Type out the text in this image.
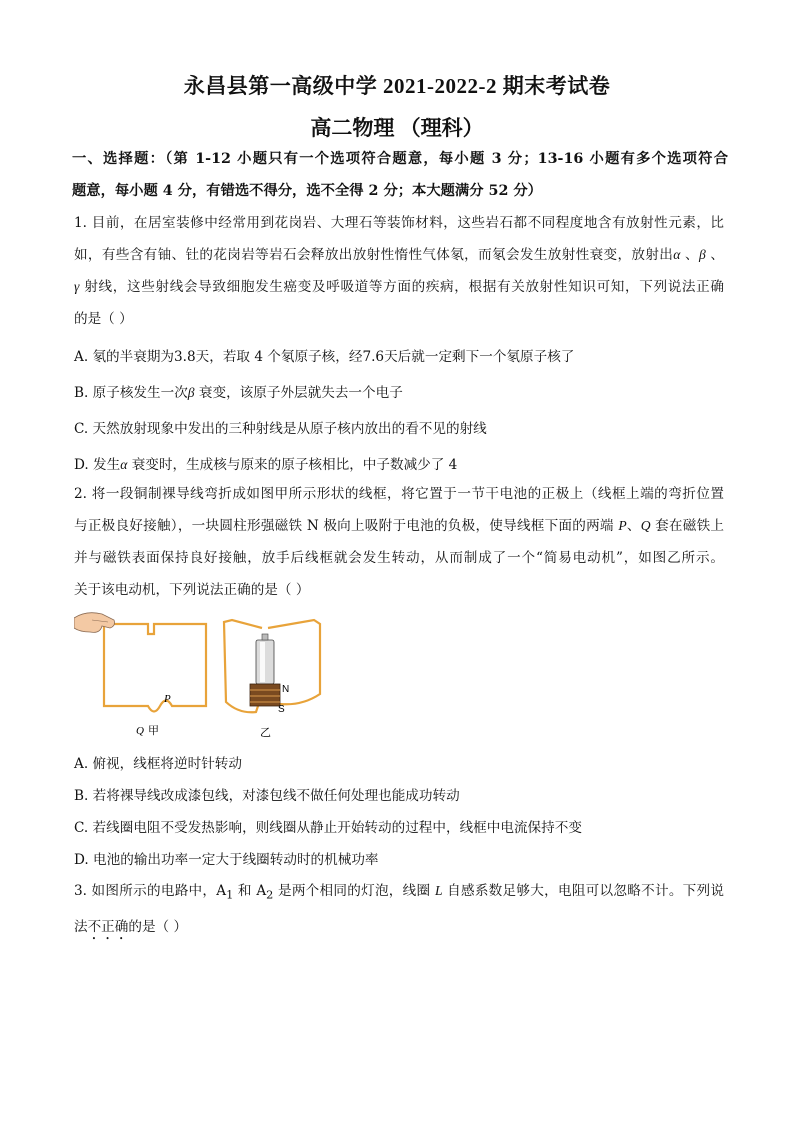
永昌县第一高级中学 2021-2022-2 期末考试卷
高二物理 （理科）
一、选择题：（第 1-12 小题只有一个选项符合题意，每小题 3 分；13-16 小题有多个选项符合
题意，每小题 4 分，有错选不得分，选不全得 2 分；本大题满分 52 分）
1. 目前，在居室装修中经常用到花岗岩、大理石等装饰材料，这些岩石都不同程度地含有放射性元素，比
如，有些含有铀、钍的花岗岩等岩石会释放出放射性惰性气体氡，而氡会发生放射性衰变，放射出α 、β 、
γ 射线，这些射线会导致细胞发生癌变及呼吸道等方面的疾病，根据有关放射性知识可知，下列说法正确
的是（ ）
A. 氡的半衰期为3.8天，若取 4 个氡原子核，经7.6天后就一定剩下一个氡原子核了
B. 原子核发生一次β 衰变，该原子外层就失去一个电子
C. 天然放射现象中发出的三种射线是从原子核内放出的看不见的射线
D. 发生α 衰变时，生成核与原来的原子核相比，中子数减少了 4
2. 将一段铜制裸导线弯折成如图甲所示形状的线框，将它置于一节干电池的正极上（线框上端的弯折位置
与正极良好接触），一块圆柱形强磁铁 N 极向上吸附于电池的负极，使导线框下面的两端 P、Q 套在磁铁上
并与磁铁表面保持良好接触，放手后线框就会发生转动，从而制成了一个“简易电动机”，如图乙所示。
关于该电动机，下列说法正确的是（ ）
P
Q 甲
N
S
乙
A. 俯视，线框将逆时针转动
B. 若将裸导线改成漆包线，对漆包线不做任何处理也能成功转动
C. 若线圈电阻不受发热影响，则线圈从静止开始转动的过程中，线框中电流保持不变
D. 电池的输出功率一定大于线圈转动时的机械功率
3. 如图所示的电路中，$A_1$ 和 $A_2$ 是两个相同的灯泡，线圈 L 自感系数足够大，电阻可以忽略不计。下列说
法不正确的是（ ）
